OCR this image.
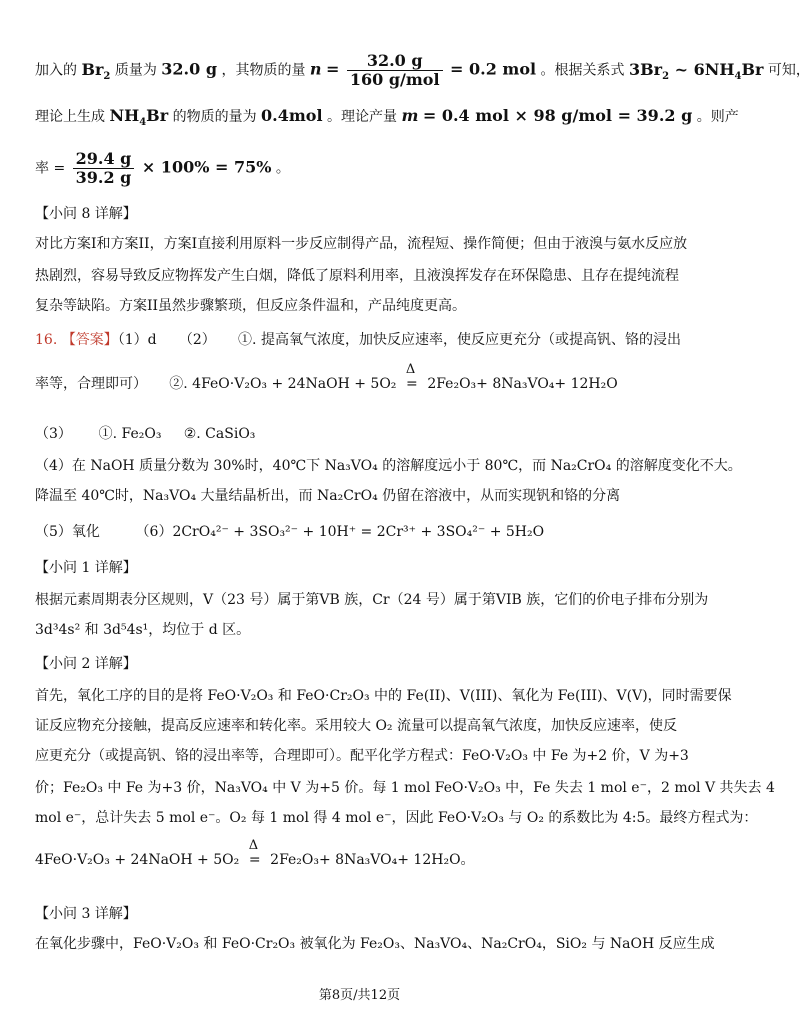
加入的 $Br_2$ 质量为 32.0 g ，其物质的量 $n = \frac{32.0 g}{\text{160 g/mol}} = 0.2$ mol 。根据关系式 $3Br_2$ ~ $6NH_4Br$ 可知，
理论上生成 $NH_4Br$ 的物质的量为 0.4mol 。理论产量 m = 0.4 mol × 98 g/mol = 39.2 g 。则产
率 = $\frac{29.4 g}{39.2 g} \times 100\% = 75\%$ 。
【小问 8 详解】
对比方案I和方案II，方案I直接利用原料一步反应制得产品，流程短、操作简便；但由于液溴与氨水反应放
热剧烈，容易导致反应物挥发产生白烟，降低了原料利用率，且液溴挥发存在环保隐患、且存在提纯流程
复杂等缺陷。方案II虽然步骤繁琐，但反应条件温和，产品纯度更高。
16. 【答案】（1）d （2） ①. 提高氧气浓度，加快反应速率，使反应更充分（或提高钒、铬的浸出
率等，合理即可） ②. 4FeO·V₂O₃ + 24NaOH + 5O₂
Δ
= 2Fe₂O₃+ 8Na₃VO₄+ 12H₂O
（3） ①. Fe₂O₃ ②. CaSiO₃
（4）在 NaOH 质量分数为 30%时，40℃下 Na₃VO₄ 的溶解度远小于 80℃，而 Na₂CrO₄ 的溶解度变化不大。
降温至 40℃时，Na₃VO₄ 大量结晶析出，而 Na₂CrO₄ 仍留在溶液中，从而实现钒和铬的分离
（5）氧化	（6）2CrO₄²⁻ + 3SO₃²⁻ + 10H⁺ = 2Cr³⁺ + 3SO₄²⁻ + 5H₂O
【小问 1 详解】
根据元素周期表分区规则，V（23 号）属于第VB 族，Cr（24 号）属于第VIB 族，它们的价电子排布分别为
3d³4s² 和 3d⁵4s¹，均位于 d 区。
【小问 2 详解】
首先，氧化工序的目的是将 FeO·V₂O₃ 和 FeO·Cr₂O₃ 中的 Fe(II)、V(III)、氧化为 Fe(III)、V(V)，同时需要保
证反应物充分接触，提高反应速率和转化率。采用较大 O₂ 流量可以提高氧气浓度，加快反应速率，使反
应更充分（或提高钒、铬的浸出率等，合理即可）。配平化学方程式：FeO·V₂O₃ 中 Fe 为+2 价，V 为+3
价；Fe₂O₃ 中 Fe 为+3 价，Na₃VO₄ 中 V 为+5 价。每 1 mol FeO·V₂O₃ 中，Fe 失去 1 mol e⁻，2 mol V 共失去 4
mol e⁻，总计失去 5 mol e⁻。O₂ 每 1 mol 得 4 mol e⁻，因此 FeO·V₂O₃ 与 O₂ 的系数比为 4:5。最终方程式为：
4FeO·V₂O₃ + 24NaOH + 5O₂
Δ
= 2Fe₂O₃+ 8Na₃VO₄+ 12H₂O。
【小问 3 详解】
在氧化步骤中，FeO·V₂O₃ 和 FeO·Cr₂O₃ 被氧化为 Fe₂O₃、Na₃VO₄、Na₂CrO₄，SiO₂ 与 NaOH 反应生成
第8页/共12页
